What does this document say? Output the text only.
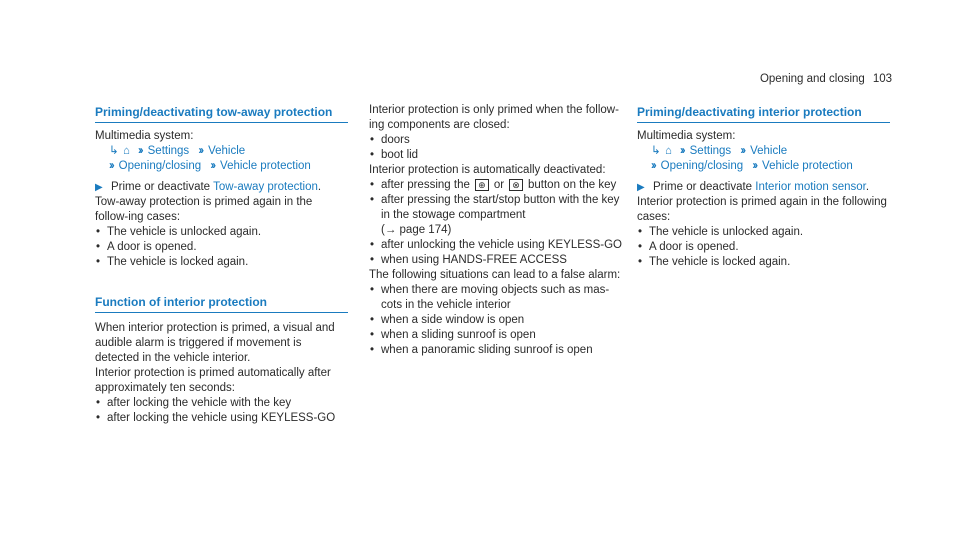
Opening and closing 103
Priming/deactivating tow-away protection

Multimedia system:

↳ ⌂ ›› Settings ›› Vehicle

›› Opening/closing ›› Vehicle protection

▶ Prime or deactivate Tow-away protection.

Tow-away protection is primed again in the follow-ing cases:

• The vehicle is unlocked again.
• A door is opened.
• The vehicle is locked again.
Function of interior protection

When interior protection is primed, a visual and audible alarm is triggered if movement is detected in the vehicle interior.

Interior protection is primed automatically after approximately ten seconds:

• after locking the vehicle with the key
• after locking the vehicle using KEYLESS-GO

Interior protection is only primed when the follow-ing components are closed:

• doors
• boot lid

Interior protection is automatically deactivated:

• after pressing the ⊕ or ⊗ button on the key
• after pressing the start/stop button with the key in the stowage compartment
(→ page 174)
• after unlocking the vehicle using KEYLESS-GO
• when using HANDS-FREE ACCESS

The following situations can lead to a false alarm:

• when there are moving objects such as mas-cots in the vehicle interior
• when a side window is open
• when a sliding sunroof is open
• when a panoramic sliding sunroof is open
Priming/deactivating interior protection

Multimedia system:

↳ ⌂ ›› Settings ›› Vehicle

›› Opening/closing ›› Vehicle protection

▶ Prime or deactivate Interior motion sensor.

Interior protection is primed again in the following cases:

• The vehicle is unlocked again.
• A door is opened.
• The vehicle is locked again.
